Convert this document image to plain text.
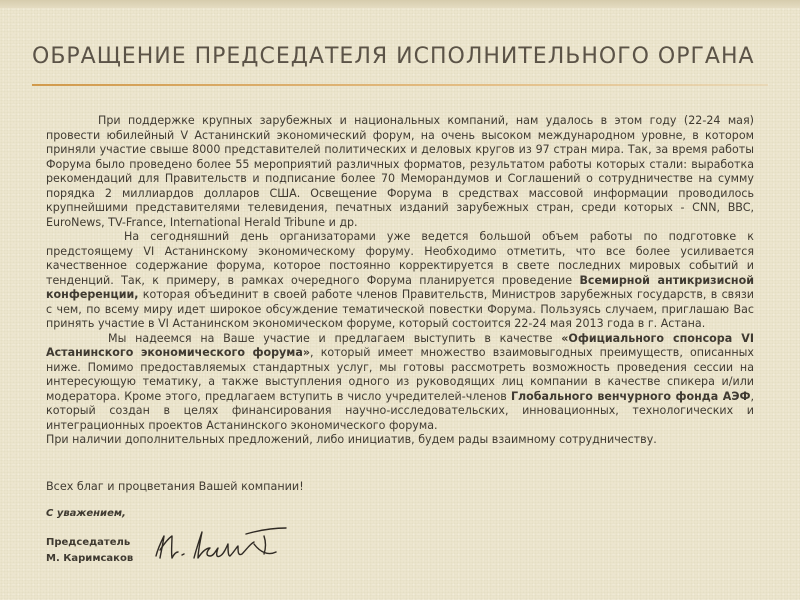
ОБРАЩЕНИЕ ПРЕДСЕДАТЕЛЯ ИСПОЛНИТЕЛЬНОГО ОРГАНА

При поддержке крупных зарубежных и национальных компаний, нам удалось в этом году (22-24 мая) провести юбилейный V Астанинский экономический форум, на очень высоком международном уровне, в котором приняли участие свыше 8000 представителей политических и деловых кругов из 97 стран мира. Так, за время работы Форума было проведено более 55 мероприятий различных форматов, результатом работы которых стали: выработка рекомендаций для Правительств и подписание более 70 Меморандумов и Соглашений о сотрудничестве на сумму порядка 2 миллиардов долларов США. Освещение Форума в средствах массовой информации проводилось крупнейшими представителями телевидения, печатных изданий зарубежных стран, среди которых - CNN, BBC, EuroNews, TV-France, International Herald Tribune и др.

На сегодняшний день организаторами уже ведется большой объем работы по подготовке к предстоящему VI Астанинскому экономическому форуму. Необходимо отметить, что все более усиливается качественное содержание форума, которое постоянно корректируется в свете последних мировых событий и тенденций. Так, к примеру, в рамках очередного Форума планируется проведение Всемирной антикризисной конференции, которая объединит в своей работе членов Правительств, Министров зарубежных государств, в связи с чем, по всему миру идет широкое обсуждение тематической повестки Форума. Пользуясь случаем, приглашаю Вас принять участие в VI Астанинском экономическом форуме, который состоится 22-24 мая 2013 года в г. Астана.

Мы надеемся на Ваше участие и предлагаем выступить в качестве «Официального спонсора VI Астанинского экономического форума», который имеет множество взаимовыгодных преимуществ, описанных ниже. Помимо предоставляемых стандартных услуг, мы готовы рассмотреть возможность проведения сессии на интересующую тематику, а также выступления одного из руководящих лиц компании в качестве спикера и/или модератора. Кроме этого, предлагаем вступить в число учредителей-членов Глобального венчурного фонда АЭФ, который создан в целях финансирования научно-исследовательских, инновационных, технологических и интеграционных проектов Астанинского экономического форума.

При наличии дополнительных предложений, либо инициатив, будем рады взаимному сотрудничеству.

Всех благ и процветания Вашей компании!
С уважением,
Председатель
М. Каримсаков
